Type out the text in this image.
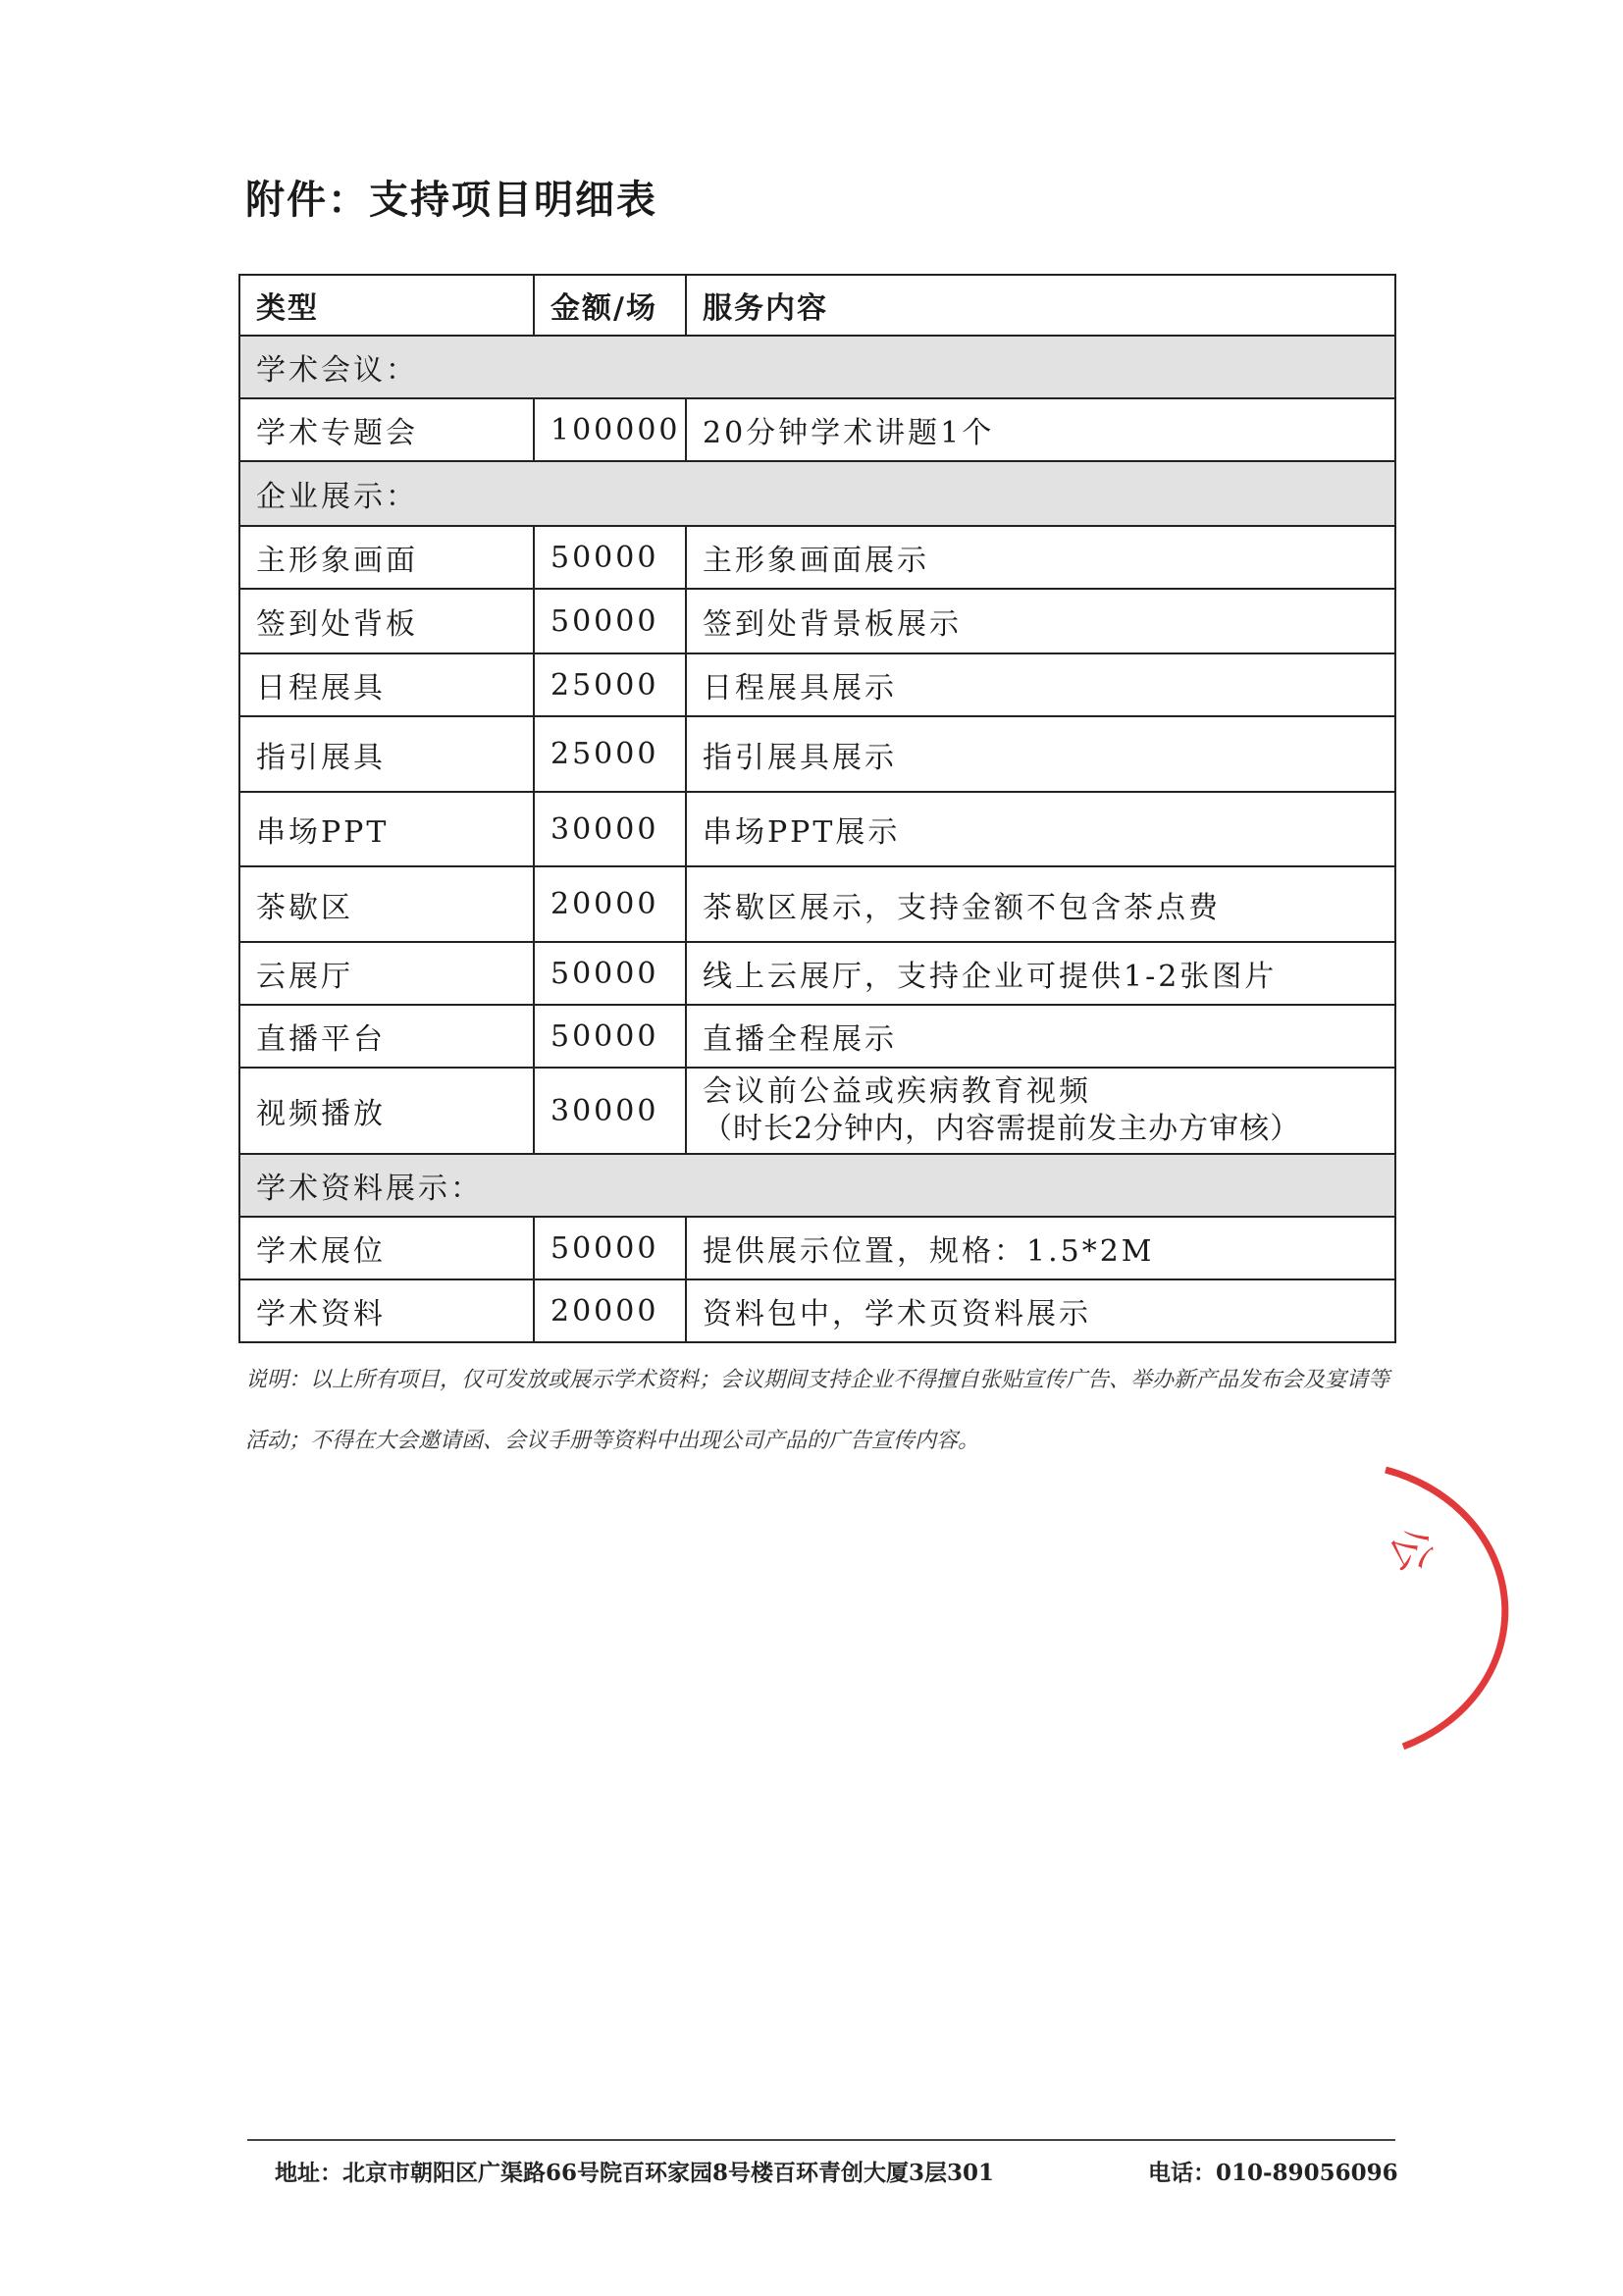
附件：支持项目明细表
类型	金额/场	服务内容
学术会议：		
学术专题会	100000	20分钟学术讲题1个
企业展示：		
主形象画面	50000	主形象画面展示
签到处背板	50000	签到处背景板展示
日程展具	25000	日程展具展示
指引展具	25000	指引展具展示
串场PPT	30000	串场PPT展示
茶歇区	20000	茶歇区展示，支持金额不包含茶点费
云展厅	50000	线上云展厅，支持企业可提供1-2张图片
直播平台	50000	直播全程展示
视频播放	30000	会议前公益或疾病教育视频
（时长2分钟内，内容需提前发主办方审核）

学术资料展示：		
学术展位	50000	提供展示位置，规格：1.5*2M
学术资料	20000	资料包中，学术页资料展示
说明：以上所有项目，仅可发放或展示学术资料；会议期间支持企业不得擅自张贴宣传广告、举办新产品发布会及宴请等活动；不得在大会邀请函、会议手册等资料中出现公司产品的广告宣传内容。
公
地址：北京市朝阳区广渠路66号院百环家园8号楼百环青创大厦3层301	电话：010-89056096
